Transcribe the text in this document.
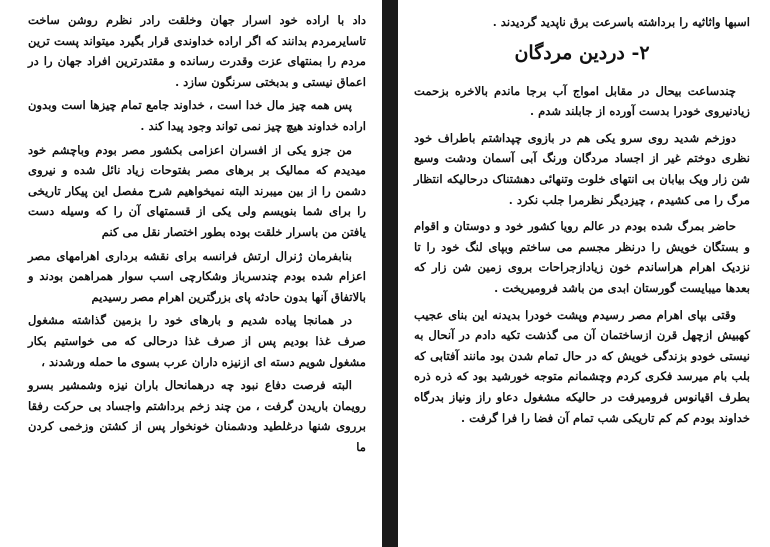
داد با اراده خود اسرار جهان وخلقت رادر نظرم روشن ساخت تاسایرمردم بدانند که اگر اراده خداوندی قرار بگیرد میتواند پست ترین مردم را بمنتهای عزت وقدرت رسانده و مقتدرترین افراد جهان را در اعماق نیستی و بدبختی سرنگون سازد .

پس همه چیز مال خدا است ، خداوند جامع تمام چیزها است وبدون اراده خداوند هیچ چیز نمی تواند وجود پیدا کند .

من جزو یکی از افسران اعزامی بکشور مصر بودم وباچشم خود میدیدم که ممالیک بر برهای مصر بفتوحات زیاد نائل شده و نیروی دشمن را از بین میبرند البته نمیخواهیم شرح مفصل این پیکار تاریخی را برای شما بنویسم ولی یکی از قسمتهای آن را که وسیله دست یافتن من باسرار خلقت بوده بطور اختصار نقل می کنم

بنابفرمان ژنرال ارتش فرانسه برای نقشه برداری اهرامهای مصر اعزام شده بودم چندسرباز وشکارچی اسب سوار همراهمن بودند و بالاتفاق آنها بدون حادثه پای بزرگترین اهرام مصر رسیدیم

در همانجا پیاده شدیم و بارهای خود را بزمین گذاشته مشغول صرف غذا بودیم پس از صرف غذا درحالی که می خواستیم بکار مشغول شویم دسته ای ازنیزه داران عرب بسوی ما حمله ورشدند ،

البته فرصت دفاع نبود چه درهمانحال باران نیزه وشمشیر بسرو رویمان باریدن گرفت ، من چند زخم برداشتم واجساد بی حرکت رفقا برروی شنها درغلطید ودشمنان خونخوار پس از کشتن وزخمی کردن ما

اسبها واثاثیه را برداشته باسرعت برق ناپدید گردیدند .

۲- دردین مردگان

چندساعت بیحال در مقابل امواج آب برجا ماندم بالاخره بزحمت زیادنیروی خودرا بدست آورده از جابلند شدم .

دوزخم شدید روی سرو یکی هم در بازوی چپداشتم باطراف خود نظری دوختم غیر از اجساد مردگان ورنگ آبی آسمان ودشت وسیع شن زار ویک بیابان بی انتهای خلوت وتنهائی دهشتناک درحالیکه انتظار مرگ را می کشیدم ، چیزدیگر نظرمرا جلب نکرد .

حاضر بمرگ شده بودم در عالم رویا کشور خود و دوستان و اقوام و بستگان خویش را درنظر مجسم می ساختم وبپای لنگ خود را تا نزدیک اهرام هراساندم خون زیادازجراحات بروی زمین شن زار که بعدها میبایست گورستان ابدی من باشد فرومیریخت .

وقتی بپای اهرام مصر رسیدم وپشت خودرا بدیدنه این بنای عجیب کهبیش ازچهل قرن ازساختمان آن می گذشت تکیه دادم در آنحال به نیستی خودو بزندگی خویش که در حال تمام شدن بود مانند آفتابی که بلب بام میرسد فکری کردم وچشمانم متوجه خورشید بود که ذره ذره بطرف اقیانوس فرومیرفت در حالیکه مشغول دعاو راز ونیاز بدرگاه خداوند بودم کم کم تاریکی شب تمام آن فضا را فرا گرفت .
